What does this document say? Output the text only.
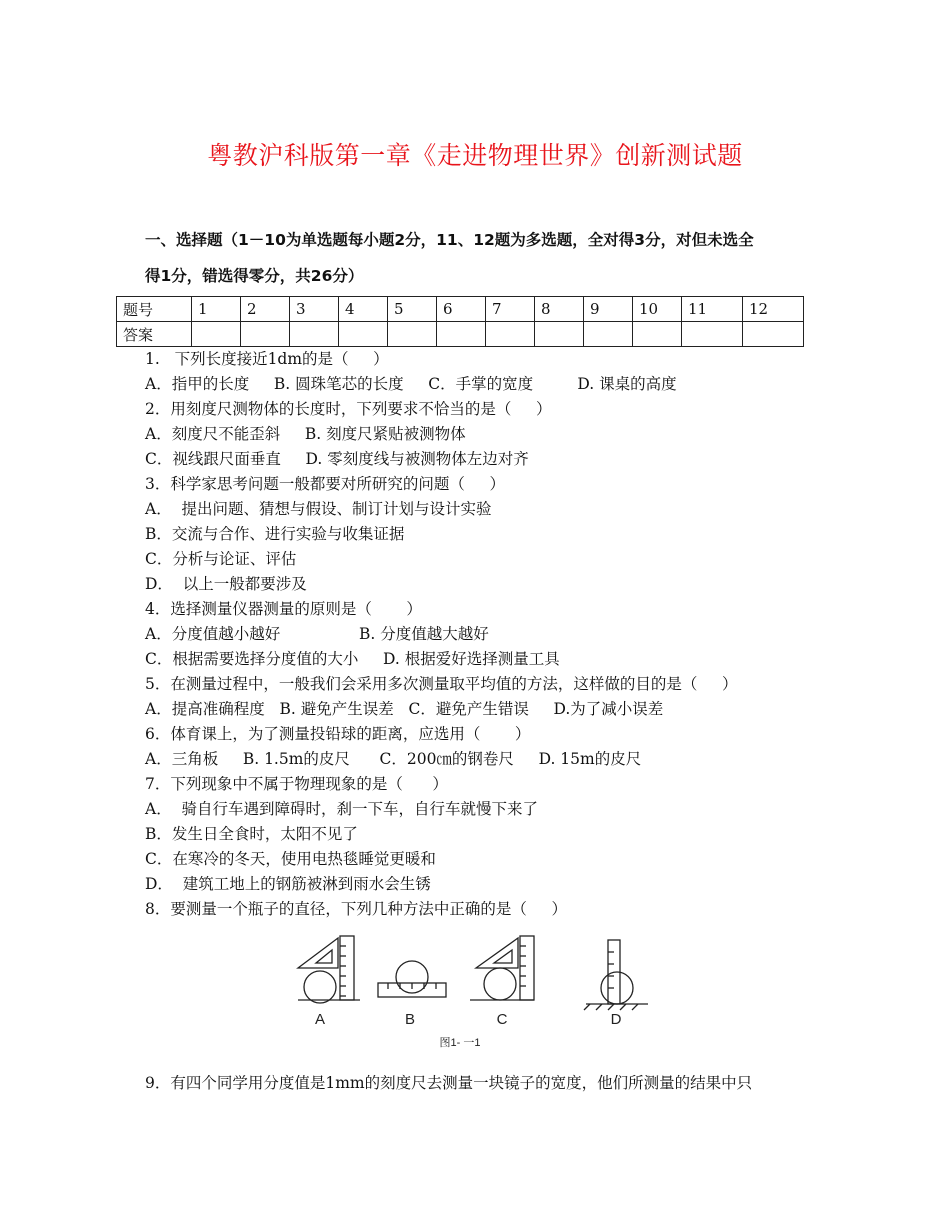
粤教沪科版第一章《走进物理世界》创新测试题
一、选择题（1－10为单选题每小题2分，11、12题为多选题，全对得3分，对但未选全
得1分，错选得零分，共26分）
题号	1	2	3	4	5	6	7	8	9	10	11	12
答案												
1.   下列长度接近1dm的是（     ）
A．指甲的长度     B. 圆珠笔芯的长度     C．手掌的宽度         D. 课桌的高度
2．用刻度尺测物体的长度时，下列要求不恰当的是（     ）
A．刻度尺不能歪斜     B. 刻度尺紧贴被测物体
C．视线跟尺面垂直     D. 零刻度线与被测物体左边对齐
3．科学家思考问题一般都要对所研究的问题（     ）
A．  提出问题、猜想与假设、制订计划与设计实验
B．交流与合作、进行实验与收集证据
C．分析与论证、评估
D．  以上一般都要涉及
4．选择测量仪器测量的原则是（       ）
A．分度值越小越好                B. 分度值越大越好
C．根据需要选择分度值的大小     D. 根据爱好选择测量工具
5．在测量过程中，一般我们会采用多次测量取平均值的方法，这样做的目的是（     ）
A．提高准确程度   B. 避免产生误差   C．避免产生错误     D.为了减小误差
6．体育课上，为了测量投铅球的距离，应选用（       ）
A．三角板     B. 1.5m的皮尺      C．200㎝的钢卷尺     D. 15m的皮尺
7．下列现象中不属于物理现象的是（      ）
A．  骑自行车遇到障碍时，刹一下车，自行车就慢下来了
B．发生日全食时，太阳不见了
C．在寒冷的冬天，使用电热毯睡觉更暖和
D．  建筑工地上的钢筋被淋到雨水会生锈
8．要测量一个瓶子的直径，下列几种方法中正确的是（     ）
A	B	C	D
图1- 一1
9．有四个同学用分度值是1mm的刻度尺去测量一块镜子的宽度，他们所测量的结果中只
